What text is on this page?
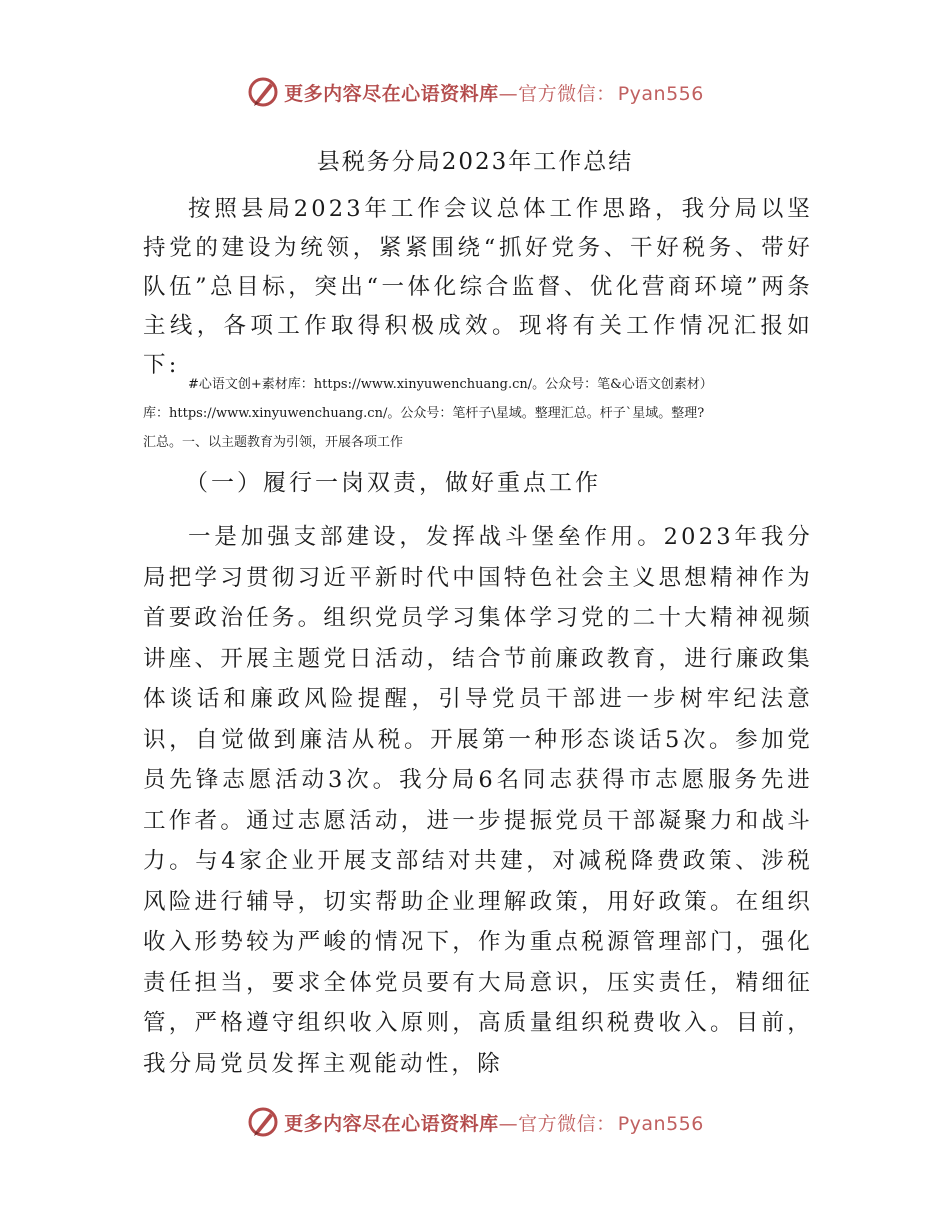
更多内容尽在心语资料库—官方微信： Pyan556
县税务分局2023年工作总结

按照县局2023年工作会议总体工作思路，我分局以坚持党的建设为统领，紧紧围绕“抓好党务、干好税务、带好队伍”总目标，突出“一体化综合监督、优化营商环境”两条主线，各项工作取得积极成效。现将有关工作情况汇报如下:

#心语文创+素材库：https://www.xinyuwenchuang.cn/。公众号：笔&心语文创素材）
库：https://www.xinyuwenchuang.cn/。公众号：笔杆子\星域。整理汇总。杆子`星域。整理?
汇总。一、以主题教育为引领，开展各项工作
（一）履行一岗双责，做好重点工作

一是加强支部建设，发挥战斗堡垒作用。2023年我分局把学习贯彻习近平新时代中国特色社会主义思想精神作为首要政治任务。组织党员学习集体学习党的二十大精神视频讲座、开展主题党日活动，结合节前廉政教育，进行廉政集体谈话和廉政风险提醒，引导党员干部进一步树牢纪法意识，自觉做到廉洁从税。开展第一种形态谈话5次。参加党员先锋志愿活动3次。我分局6名同志获得市志愿服务先进工作者。通过志愿活动，进一步提振党员干部凝聚力和战斗力。与4家企业开展支部结对共建，对减税降费政策、涉税风险进行辅导，切实帮助企业理解政策，用好政策。在组织收入形势较为严峻的情况下，作为重点税源管理部门，强化责任担当，要求全体党员要有大局意识，压实责任，精细征管，严格遵守组织收入原则，高质量组织税费收入。目前，我分局党员发挥主观能动性，除

更多内容尽在心语资料库—官方微信： Pyan556
